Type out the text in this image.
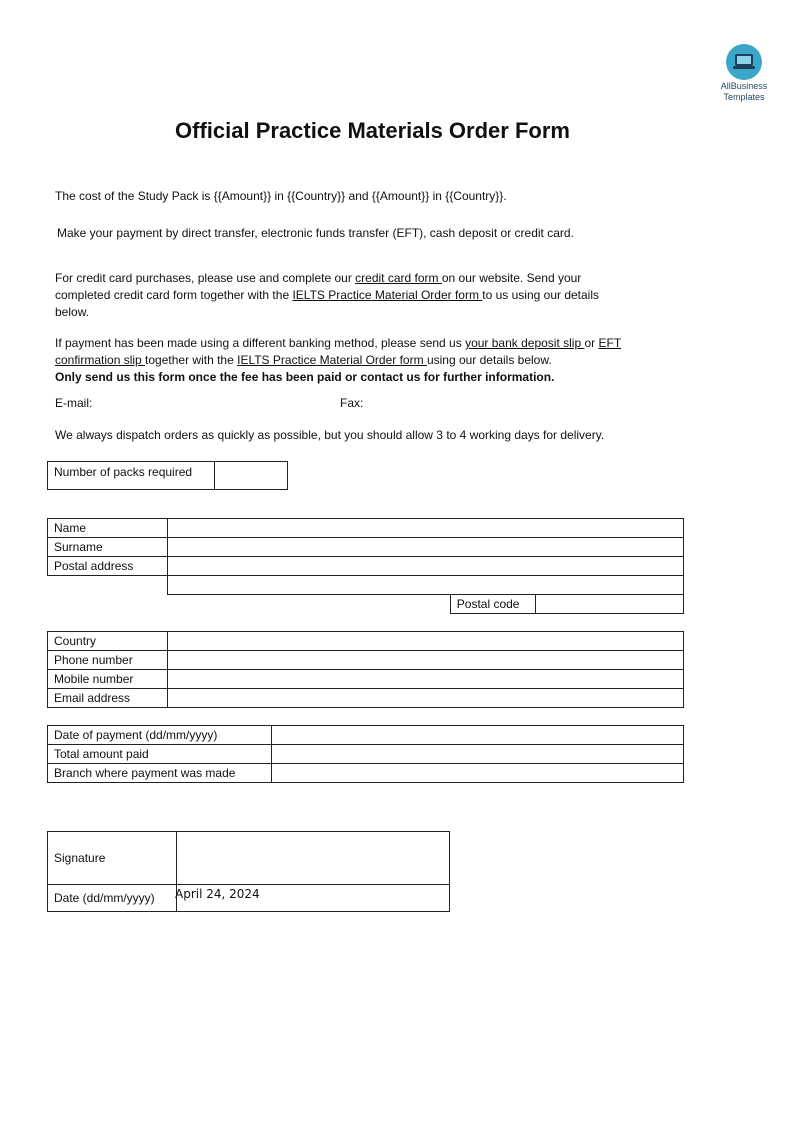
AllBusiness
Templates
Official Practice Materials Order Form
The cost of the Study Pack is {{Amount}} in {{Country}} and {{Amount}} in {{Country}}.
Make your payment by direct transfer, electronic funds transfer (EFT), cash deposit or credit card.
For credit card purchases, please use and complete our credit card form on our website. Send your completed credit card form together with the IELTS Practice Material Order form to us using our details below.
If payment has been made using a different banking method, please send us your bank deposit slip or EFT confirmation slip together with the IELTS Practice Material Order form using our details below.
Only send us this form once the fee has been paid or contact us for further information.
E-mail:	Fax:
We always dispatch orders as quickly as possible, but you should allow 3 to 4 working days for delivery.
Number of packs required	
Name			
Surname			
Postal address			

		Postal code	
Country	
Phone number	
Mobile number	
Email address	
Date of payment (dd/mm/yyyy)	
Total amount paid	
Branch where payment was made	
Signature	
Date (dd/mm/yyyy)	April 24, 2024
